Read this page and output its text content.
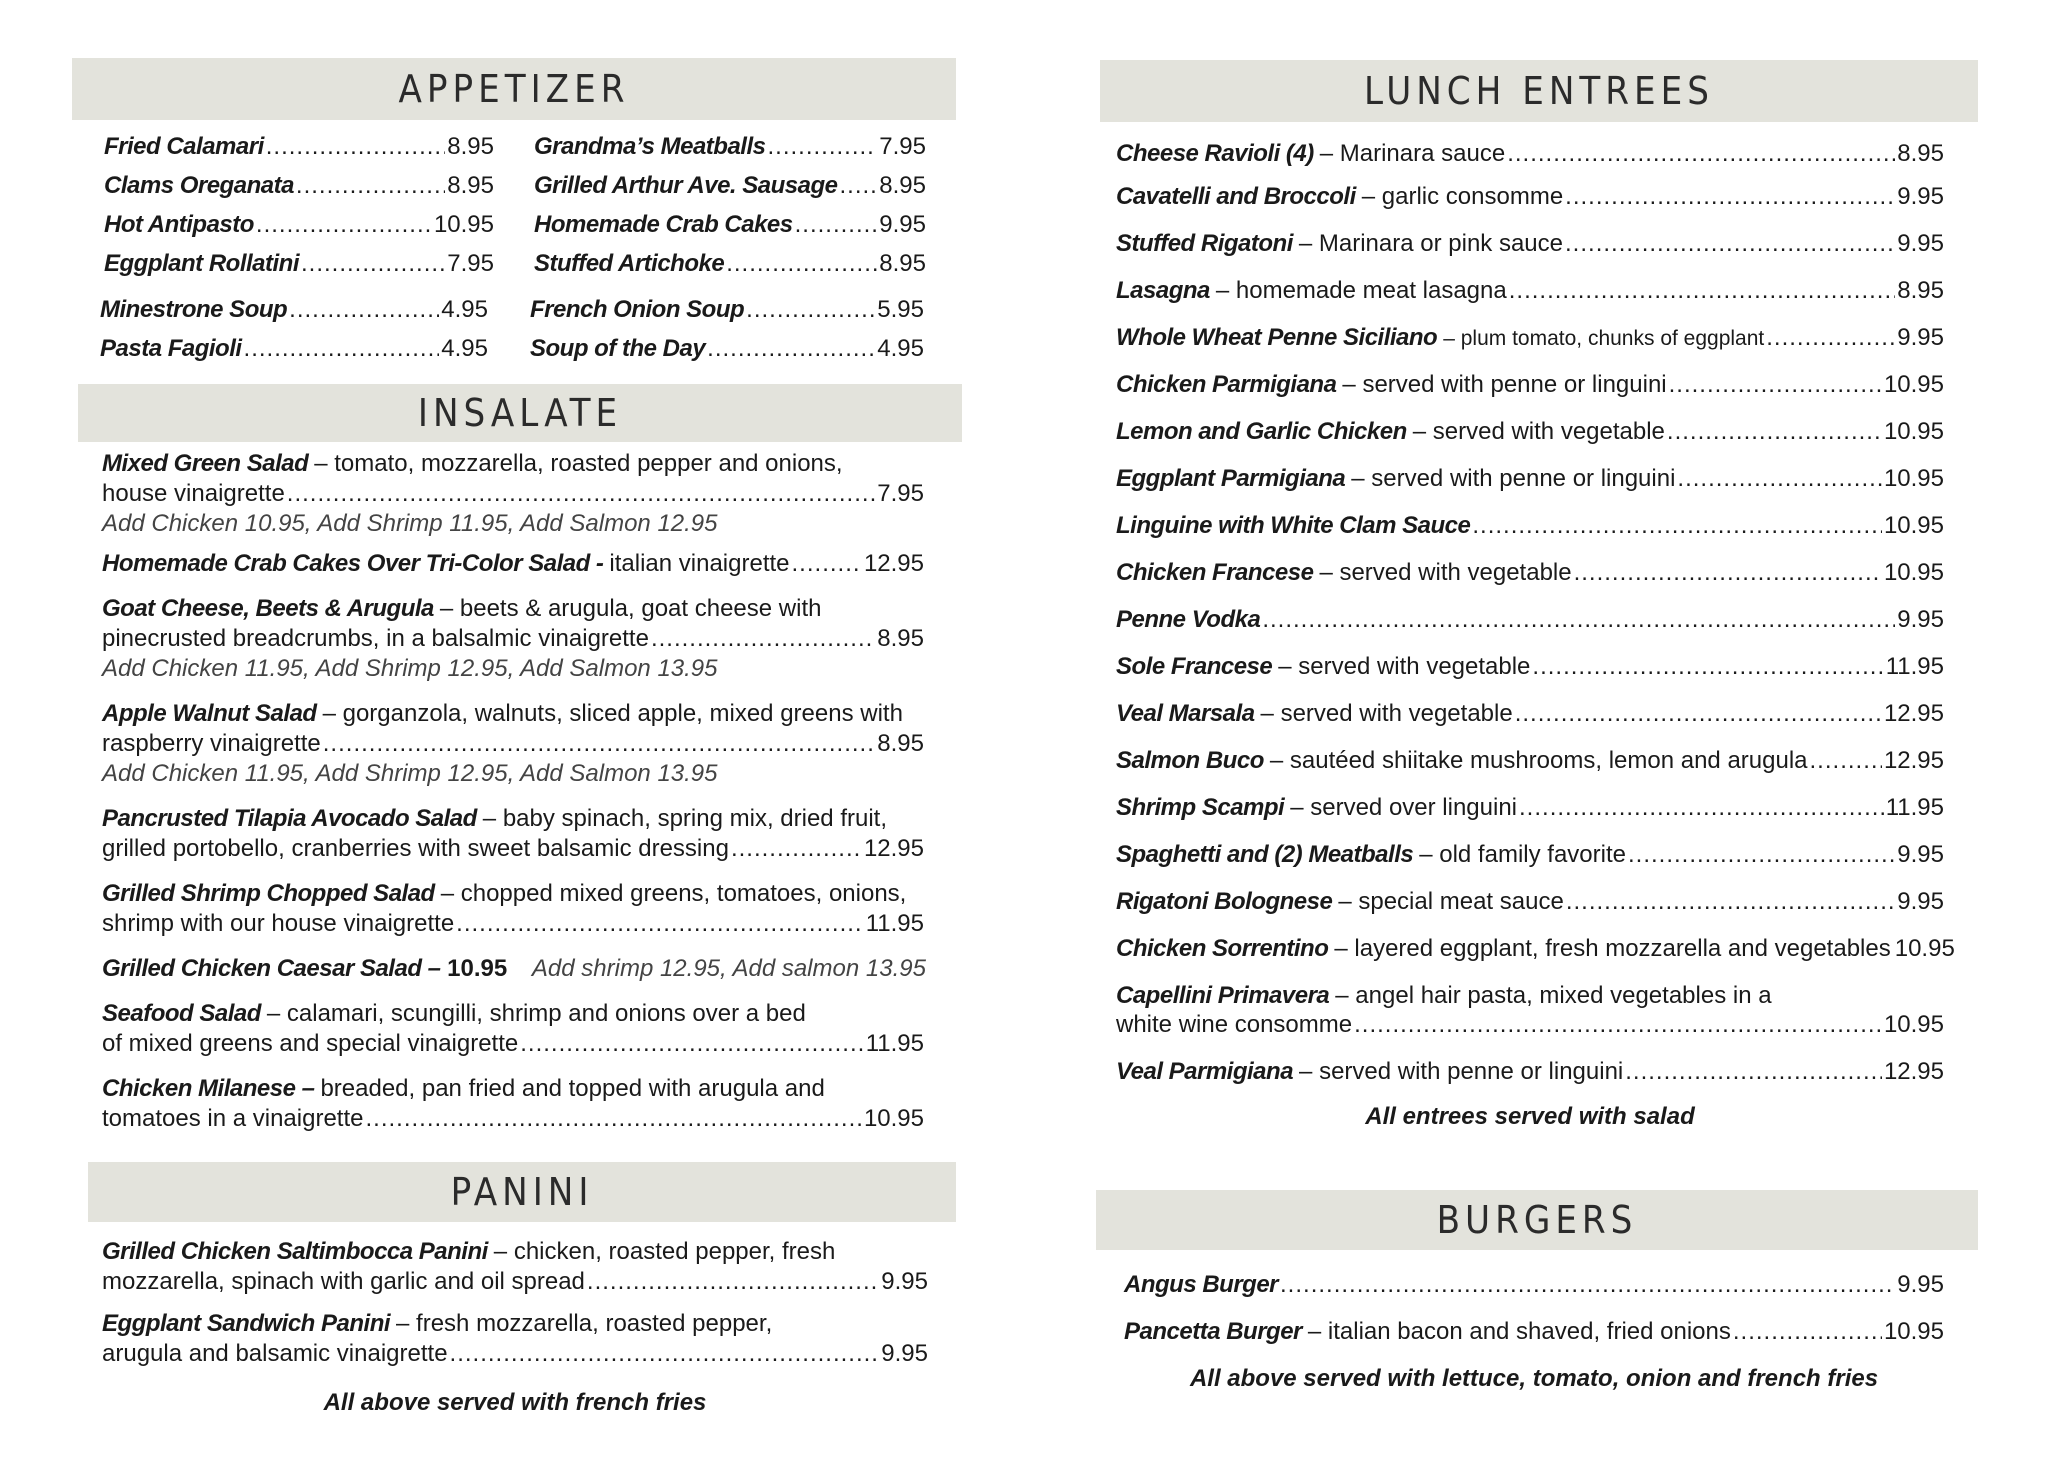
APPETIZER
Fried Calamari .....	8.95
Clams Oreganata .....	8.95
Hot Antipasto .....	10.95
Eggplant Rollatini .....	7.95
Minestrone Soup .....	4.95
Pasta Fagioli .....	4.95
Grandma’s Meatballs .....	7.95
Grilled Arthur Ave. Sausage ..... 8.95
Homemade Crab Cakes .....	9.95
Stuffed Artichoke .....	8.95
French Onion Soup .....	5.95
Soup of the Day .....	4.95
INSALATE
Mixed Green Salad – tomato, mozzarella, roasted pepper and onions,
house vinaigrette .....	7.95
Add Chicken 10.95, Add Shrimp 11.95, Add Salmon 12.95
Homemade Crab Cakes Over Tri-Color Salad - italian vinaigrette .....	12.95
Goat Cheese, Beets & Arugula – beets & arugula, goat cheese with
pinecrusted breadcrumbs, in a balsalmic vinaigrette .....	8.95
Add Chicken 11.95, Add Shrimp 12.95, Add Salmon 13.95
Apple Walnut Salad – gorganzola, walnuts, sliced apple, mixed greens with
raspberry vinaigrette .....	8.95
Add Chicken 11.95, Add Shrimp 12.95, Add Salmon 13.95
Pancrusted Tilapia Avocado Salad – baby spinach, spring mix, dried fruit,
grilled portobello, cranberries with sweet balsamic dressing .....	12.95
Grilled Shrimp Chopped Salad – chopped mixed greens, tomatoes, onions,
shrimp with our house vinaigrette .....	11.95
Grilled Chicken Caesar Salad – 10.95 Add shrimp 12.95, Add salmon 13.95
Seafood Salad – calamari, scungilli, shrimp and onions over a bed
of mixed greens and special vinaigrette .....	11.95
Chicken Milanese – breaded, pan fried and topped with arugula and
tomatoes in a vinaigrette .....	10.95
PANINI
Grilled Chicken Saltimbocca Panini – chicken, roasted pepper, fresh
mozzarella, spinach with garlic and oil spread .....	9.95
Eggplant Sandwich Panini – fresh mozzarella, roasted pepper,
arugula and balsamic vinaigrette .....	9.95
All above served with french fries
LUNCH ENTREES
Cheese Ravioli (4) – Marinara sauce .....	8.95
Cavatelli and Broccoli – garlic consomme .....	9.95
Stuffed Rigatoni – Marinara or pink sauce .....	9.95
Lasagna – homemade meat lasagna .....	8.95
Whole Wheat Penne Siciliano – plum tomato, chunks of eggplant .....	9.95
Chicken Parmigiana – served with penne or linguini .....	10.95
Lemon and Garlic Chicken – served with vegetable .....	10.95
Eggplant Parmigiana – served with penne or linguini .....	10.95
Linguine with White Clam Sauce .....	10.95
Chicken Francese – served with vegetable .....	10.95
Penne Vodka .....	9.95
Sole Francese – served with vegetable .....	11.95
Veal Marsala – served with vegetable .....	12.95
Salmon Buco – sautéed shiitake mushrooms, lemon and arugula .....	12.95
Shrimp Scampi – served over linguini .....	11.95
Spaghetti and (2) Meatballs – old family favorite .....	9.95
Rigatoni Bolognese – special meat sauce .....	9.95
Chicken Sorrentino – layered eggplant, fresh mozzarella and vegetables 10.95
Capellini Primavera – angel hair pasta, mixed vegetables in a
white wine consomme .....	10.95
Veal Parmigiana – served with penne or linguini .....	12.95
All entrees served with salad
BURGERS
Angus Burger .....	9.95
Pancetta Burger – italian bacon and shaved, fried onions .....	10.95
All above served with lettuce, tomato, onion and french fries
